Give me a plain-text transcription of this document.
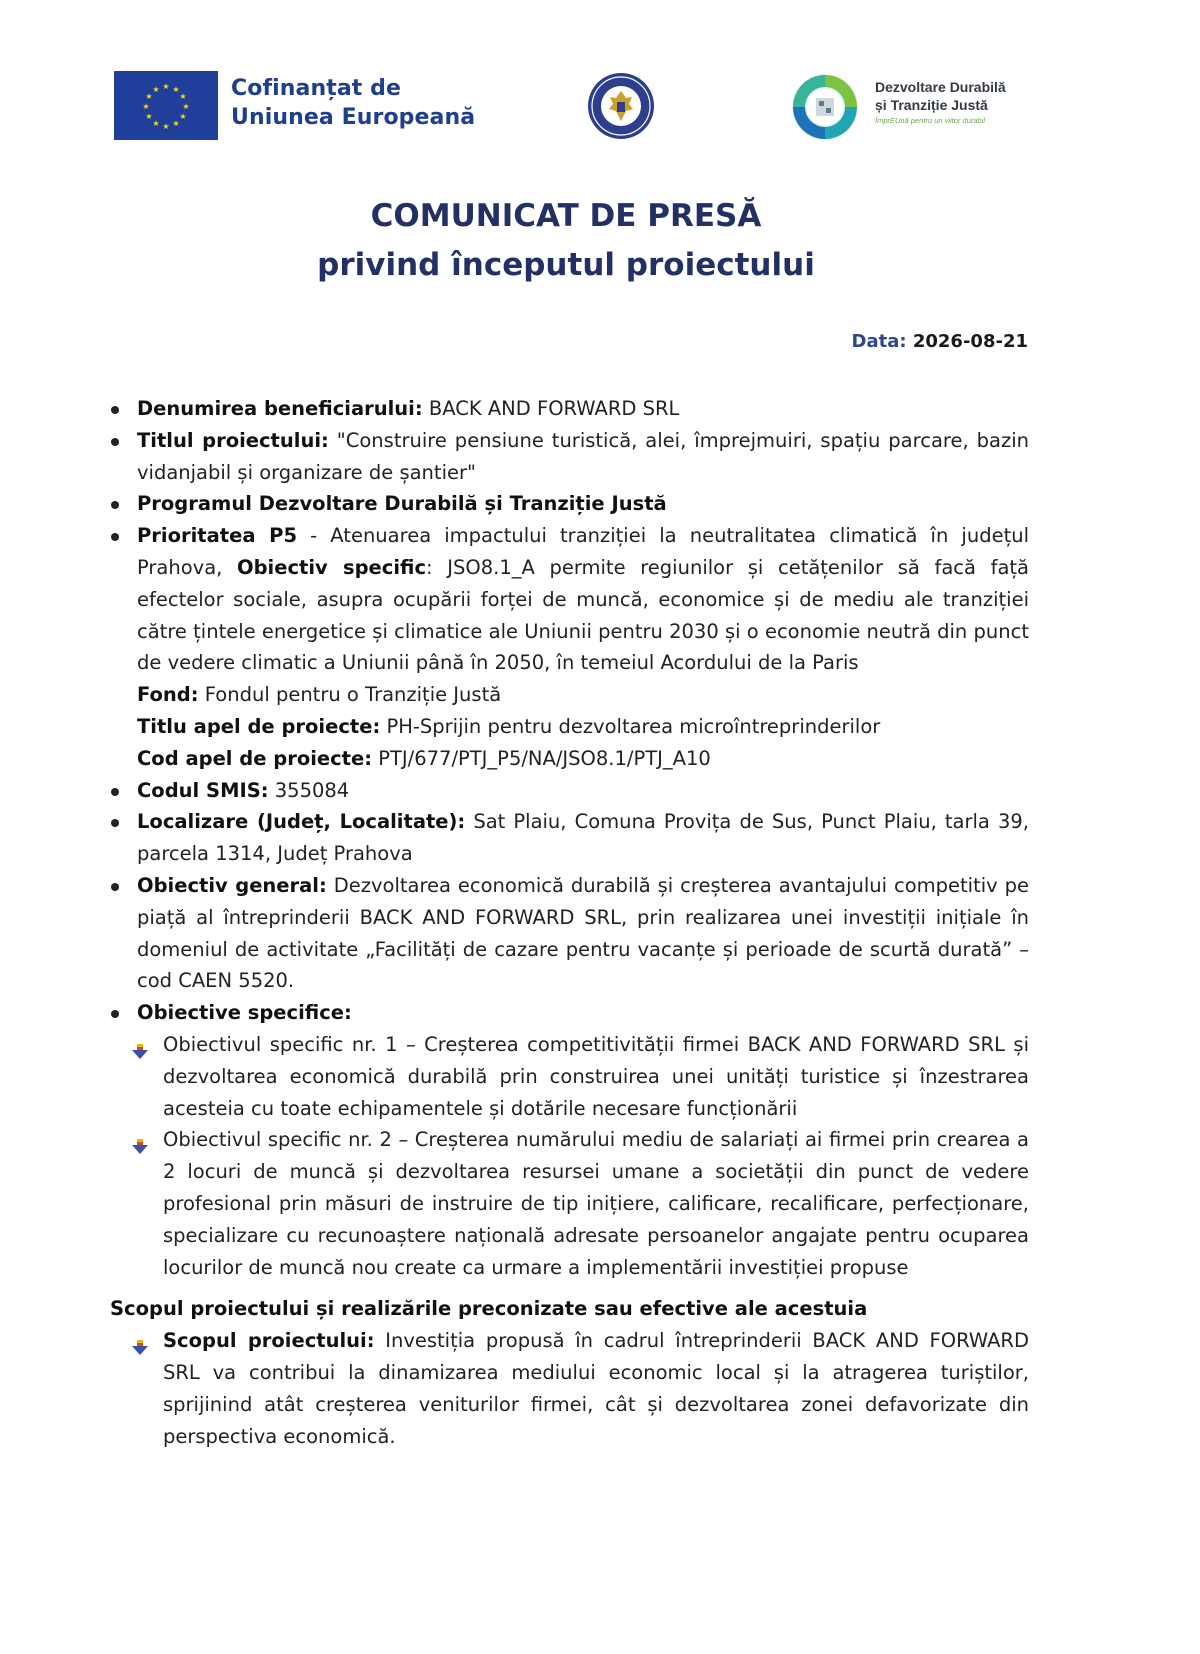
★ ★
★
★
★
★
★
★
★
★
★
★	Cofinanțat de
Uniunea Europeană
Dezvoltare Durabilă
și Tranziție Justă
ÎmprEUnă pentru un viitor durabil
COMUNICAT DE PRESĂ
privind începutul proiectului
Data: 2026-08-21
Denumirea beneficiarului: BACK AND FORWARD SRL
Titlul proiectului: "Construire pensiune turistică, alei, împrejmuiri, spațiu parcare, bazin vidanjabil și organizare de șantier"
Programul Dezvoltare Durabilă și Tranziție Justă
Prioritatea P5 - Atenuarea impactului tranziției la neutralitatea climatică în județul Prahova, Obiectiv specific: JSO8.1_A permite regiunilor și cetățenilor să facă față efectelor sociale, asupra ocupării forței de muncă, economice și de mediu ale tranziției către țintele energetice și climatice ale Uniunii pentru 2030 și o economie neutră din punct de vedere climatic a Uniunii până în 2050, în temeiul Acordului de la Paris
Fond: Fondul pentru o Tranziție Justă
Titlu apel de proiecte: PH-Sprijin pentru dezvoltarea microîntreprinderilor
Cod apel de proiecte: PTJ/677/PTJ_P5/NA/JSO8.1/PTJ_A10
Codul SMIS: 355084
Localizare (Județ, Localitate): Sat Plaiu, Comuna Provița de Sus, Punct Plaiu, tarla 39, parcela 1314, Județ Prahova
Obiectiv general: Dezvoltarea economică durabilă și creșterea avantajului competitiv pe piață al întreprinderii BACK AND FORWARD SRL, prin realizarea unei investiții inițiale în domeniul de activitate „Facilități de cazare pentru vacanțe și perioade de scurtă durată” – cod CAEN 5520.
Obiective specifice:
Obiectivul specific nr. 1 – Creșterea competitivității firmei BACK AND FORWARD SRL și dezvoltarea economică durabilă prin construirea unei unități turistice și înzestrarea acesteia cu toate echipamentele și dotările necesare funcționării
Obiectivul specific nr. 2 – Creșterea numărului mediu de salariați ai firmei prin crearea a 2 locuri de muncă și dezvoltarea resursei umane a societății din punct de vedere profesional prin măsuri de instruire de tip inițiere, calificare, recalificare, perfecționare, specializare cu recunoaștere națională adresate persoanelor angajate pentru ocuparea locurilor de muncă nou create ca urmare a implementării investiției propuse
Scopul proiectului și realizările preconizate sau efective ale acestuia
Scopul proiectului: Investiția propusă în cadrul întreprinderii BACK AND FORWARD SRL va contribui la dinamizarea mediului economic local și la atragerea turiștilor, sprijinind atât creșterea veniturilor firmei, cât și dezvoltarea zonei defavorizate din perspectiva economică.
